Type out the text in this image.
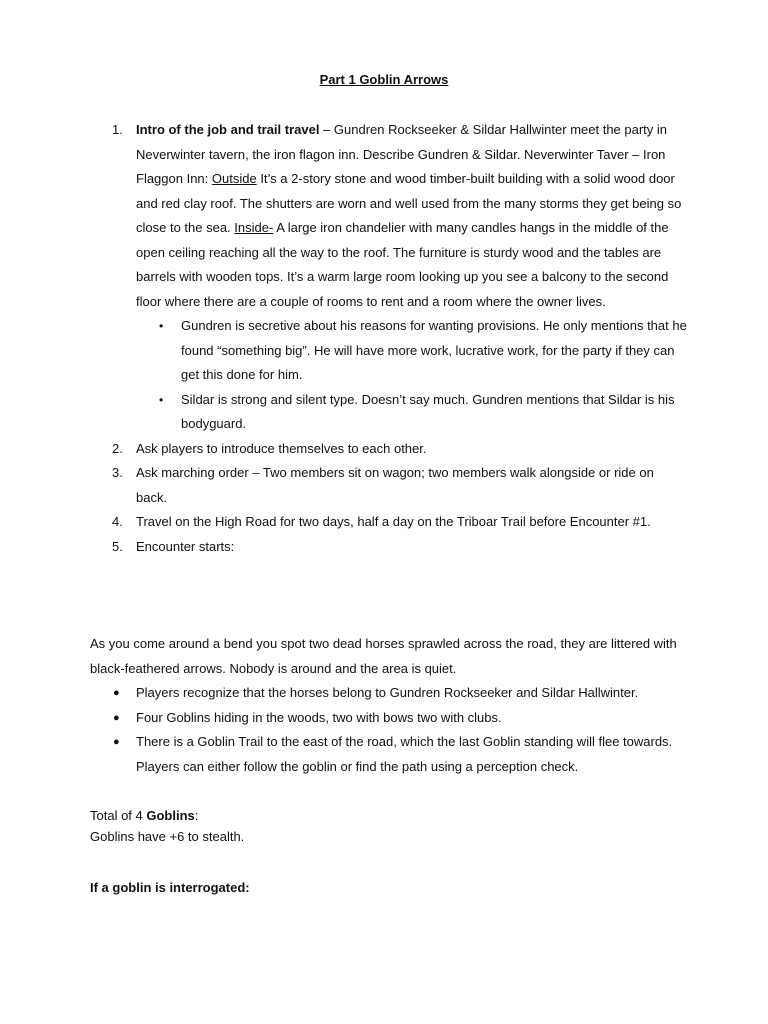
Part 1 Goblin Arrows
1.	Intro of the job and trail travel – Gundren Rockseeker & Sildar Hallwinter meet the party in Neverwinter tavern, the iron flagon inn. Describe Gundren & Sildar. Neverwinter Taver – Iron Flaggon Inn: Outside It’s a 2-story stone and wood timber-built building with a solid wood door and red clay roof. The shutters are worn and well used from the many storms they get being so close to the sea. Inside- A large iron chandelier with many candles hangs in the middle of the open ceiling reaching all the way to the roof. The furniture is sturdy wood and the tables are barrels with wooden tops. It’s a warm large room looking up you see a balcony to the second floor where there are a couple of rooms to rent and a room where the owner lives.
• Gundren is secretive about his reasons for wanting provisions. He only mentions that he found “something big”. He will have more work, lucrative work, for the party if they can get this done for him.
• Sildar is strong and silent type. Doesn’t say much. Gundren mentions that Sildar is his bodyguard.
2.	Ask players to introduce themselves to each other.
3.	Ask marching order – Two members sit on wagon; two members walk alongside or ride on back.
4.	Travel on the High Road for two days, half a day on the Triboar Trail before Encounter #1.
5.	Encounter starts:
As you come around a bend you spot two dead horses sprawled across the road, they are littered with black-feathered arrows. Nobody is around and the area is quiet.
● Players recognize that the horses belong to Gundren Rockseeker and Sildar Hallwinter.
● Four Goblins hiding in the woods, two with bows two with clubs.
● There is a Goblin Trail to the east of the road, which the last Goblin standing will flee towards. Players can either follow the goblin or find the path using a perception check.
Total of 4 Goblins:
Goblins have +6 to stealth.
If a goblin is interrogated:
